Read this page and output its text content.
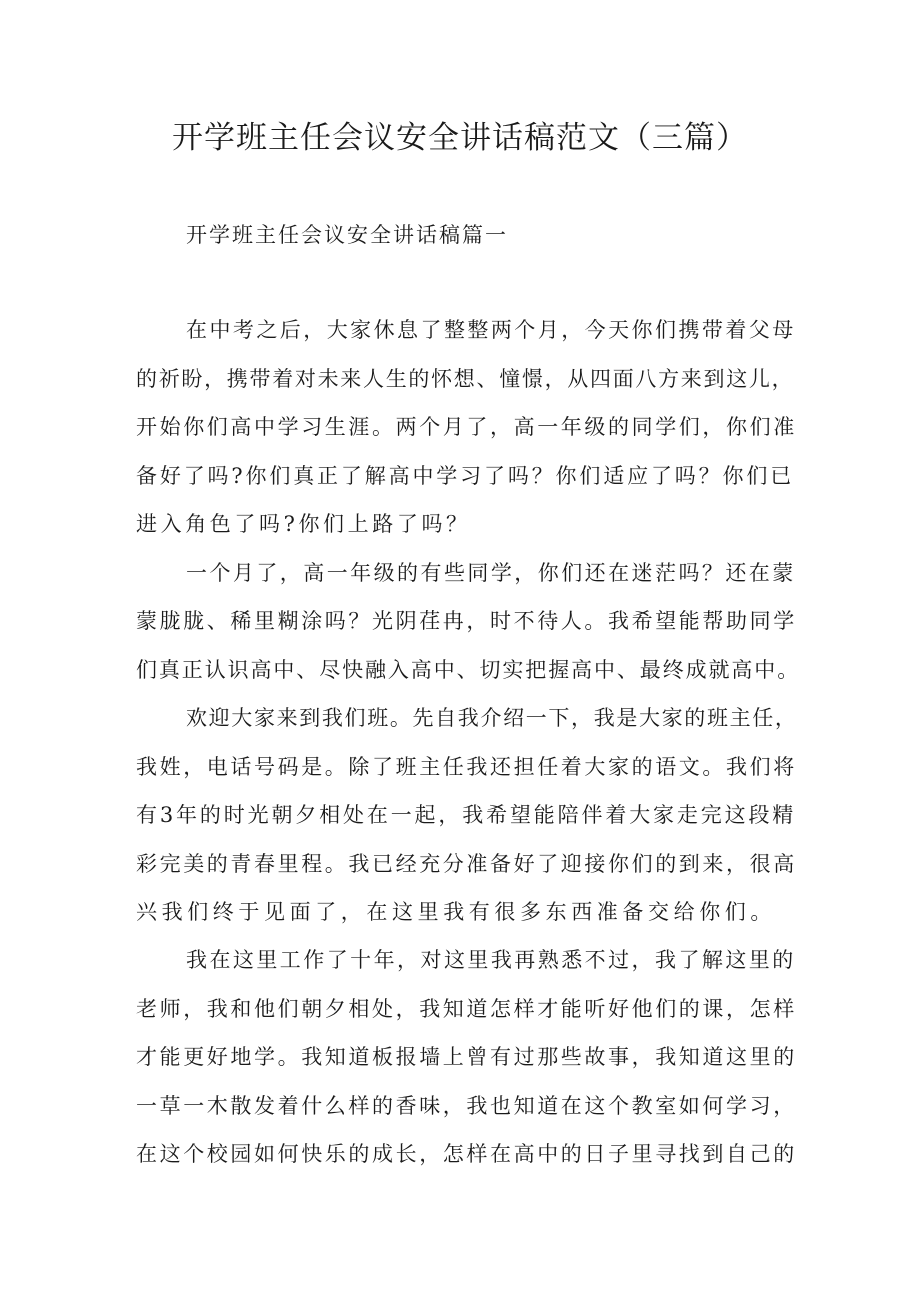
开学班主任会议安全讲话稿范文（三篇）
开学班主任会议安全讲话稿篇一

在中考之后，大家休息了整整两个月，今天你们携带着父母

的祈盼，携带着对未来人生的怀想、憧憬，从四面八方来到这儿，

开始你们高中学习生涯。两个月了，高一年级的同学们，你们准

备好了吗?你们真正了解高中学习了吗？你们适应了吗？你们已

进入角色了吗?你们上路了吗？

一个月了，高一年级的有些同学，你们还在迷茫吗？还在蒙

蒙胧胧、稀里糊涂吗？光阴荏冉，时不待人。我希望能帮助同学

们真正认识高中、尽快融入高中、切实把握高中、最终成就高中。

欢迎大家来到我们班。先自我介绍一下，我是大家的班主任，

我姓，电话号码是。除了班主任我还担任着大家的语文。我们将

有3年的时光朝夕相处在一起，我希望能陪伴着大家走完这段精

彩完美的青春里程。我已经充分准备好了迎接你们的到来，很高

兴我们终于见面了，在这里我有很多东西准备交给你们。

我在这里工作了十年，对这里我再熟悉不过，我了解这里的

老师，我和他们朝夕相处，我知道怎样才能听好他们的课，怎样

才能更好地学。我知道板报墙上曾有过那些故事，我知道这里的

一草一木散发着什么样的香味，我也知道在这个教室如何学习，

在这个校园如何快乐的成长，怎样在高中的日子里寻找到自己的
